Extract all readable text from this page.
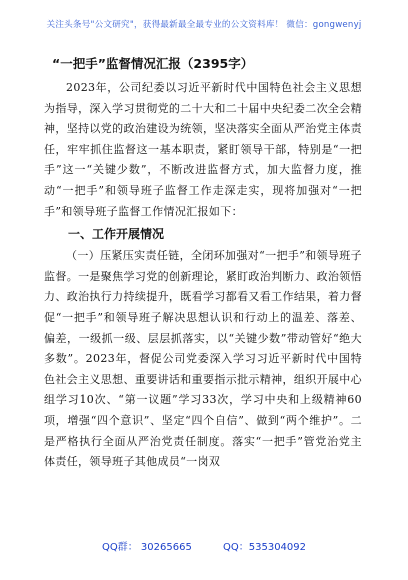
关注头条号"公文研究"，获得最新最全最专业的公文资料库！ 微信：gongwenyj
“一把手”监督情况汇报（2395字）

2023年，公司纪委以习近平新时代中国特色社会主义思想为指导，深入学习贯彻党的二十大和二十届中央纪委二次全会精神，坚持以党的政治建设为统领，坚决落实全面从严治党主体责任，牢牢抓住监督这一基本职责，紧盯领导干部，特别是“一把手”这一“关键少数”，不断改进监督方式，加大监督力度，推动“一把手”和领导班子监督工作走深走实，现将加强对“一把手”和领导班子监督工作情况汇报如下：

一、工作开展情况

（一）压紧压实责任链，全闭环加强对“一把手”和领导班子监督。一是聚焦学习党的创新理论，紧盯政治判断力、政治领悟力、政治执行力持续提升，既看学习都看又看工作结果，着力督促“一把手”和领导班子解决思想认识和行动上的温差、落差、偏差，一级抓一级、层层抓落实，以“关键少数”带动管好“绝大多数”。2023年，督促公司党委深入学习习近平新时代中国特色社会主义思想、重要讲话和重要指示批示精神，组织开展中心组学习10次、“第一议题”学习33次，学习中央和上级精神60项，增强“四个意识”、坚定“四个自信”、做到“两个维护”。二是严格执行全面从严治党责任制度。落实“一把手”管党治党主体责任，领导班子其他成员“一岗双

QQ群： 30265665	QQ：535304092
